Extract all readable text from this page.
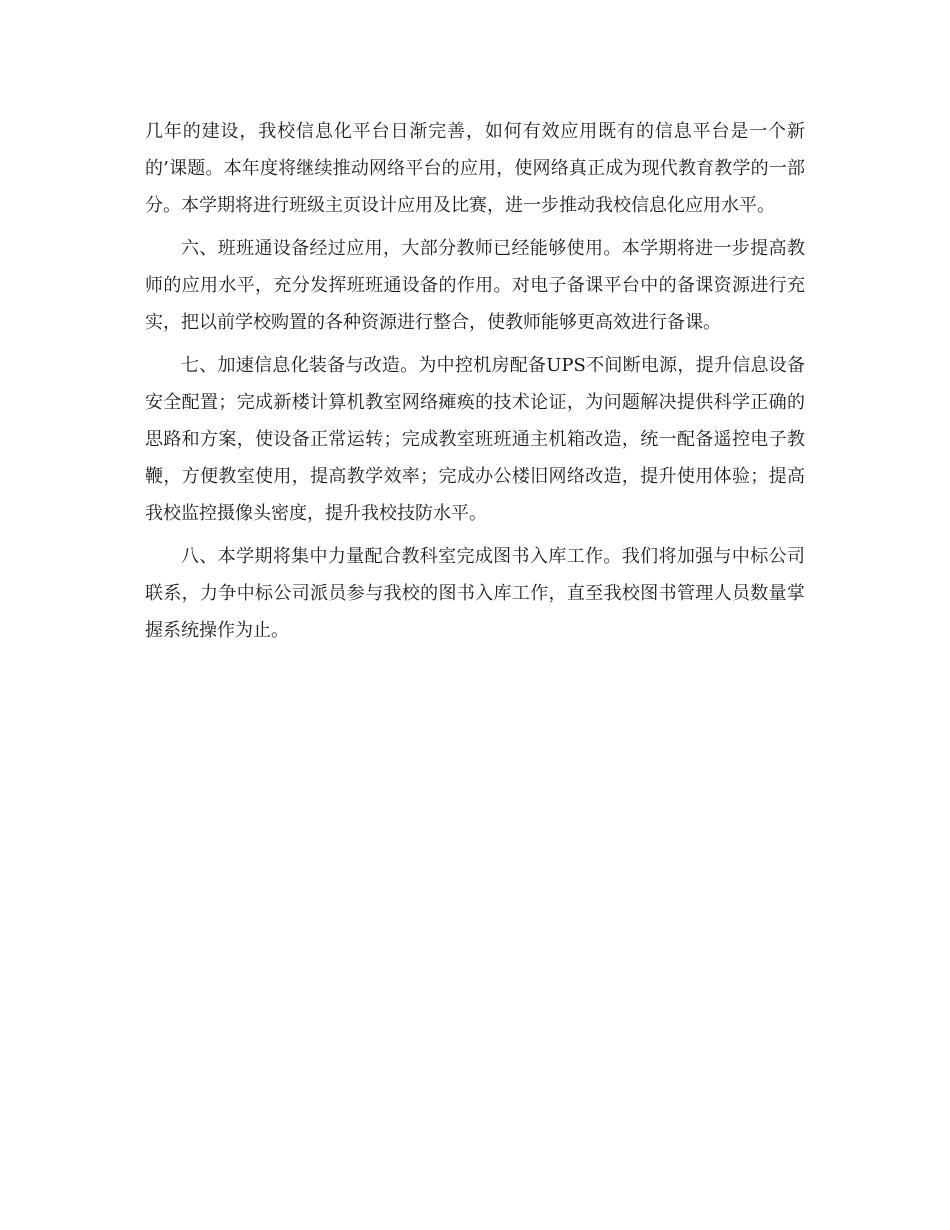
几年的建设，我校信息化平台日渐完善，如何有效应用既有的信息平台是一个新的’课题。本年度将继续推动网络平台的应用，使网络真正成为现代教育教学的一部分。本学期将进行班级主页设计应用及比赛，进一步推动我校信息化应用水平。

六、班班通设备经过应用，大部分教师已经能够使用。本学期将进一步提高教师的应用水平，充分发挥班班通设备的作用。对电子备课平台中的备课资源进行充实，把以前学校购置的各种资源进行整合，使教师能够更高效进行备课。

七、加速信息化装备与改造。为中控机房配备UPS不间断电源，提升信息设备安全配置；完成新楼计算机教室网络瘫痪的技术论证，为问题解决提供科学正确的思路和方案，使设备正常运转；完成教室班班通主机箱改造，统一配备遥控电子教鞭，方便教室使用，提高教学效率；完成办公楼旧网络改造，提升使用体验；提高我校监控摄像头密度，提升我校技防水平。

八、本学期将集中力量配合教科室完成图书入库工作。我们将加强与中标公司联系，力争中标公司派员参与我校的图书入库工作，直至我校图书管理人员数量掌握系统操作为止。
